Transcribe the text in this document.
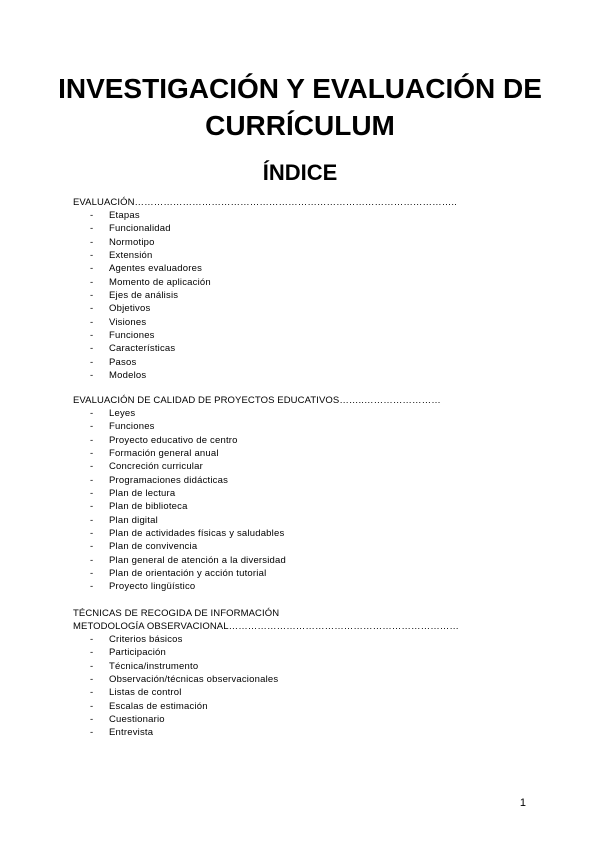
INVESTIGACIÓN Y EVALUACIÓN DE CURRÍCULUM
ÍNDICE
EVALUACIÓN………………………………………………………………………………………..
- Etapas
- Funcionalidad
- Normotipo
- Extensión
- Agentes evaluadores
- Momento de aplicación
- Ejes de análisis
- Objetivos
- Visiones
- Funciones
- Características
- Pasos
- Modelos
EVALUACIÓN DE CALIDAD DE PROYECTOS EDUCATIVOS……..……………………
- Leyes
- Funciones
- Proyecto educativo de centro
- Formación general anual
- Concreción curricular
- Programaciones didácticas
- Plan de lectura
- Plan de biblioteca
- Plan digital
- Plan de actividades físicas y saludables
- Plan de convivencia
- Plan general de atención a la diversidad
- Plan de orientación y acción tutorial
- Proyecto lingüístico
TÉCNICAS DE RECOGIDA DE INFORMACIÓN
METODOLOGÍA OBSERVACIONAL………………………………………………………………
- Criterios básicos
- Participación
- Técnica/instrumento
- Observación/técnicas observacionales
- Listas de control
- Escalas de estimación
- Cuestionario
- Entrevista
1
